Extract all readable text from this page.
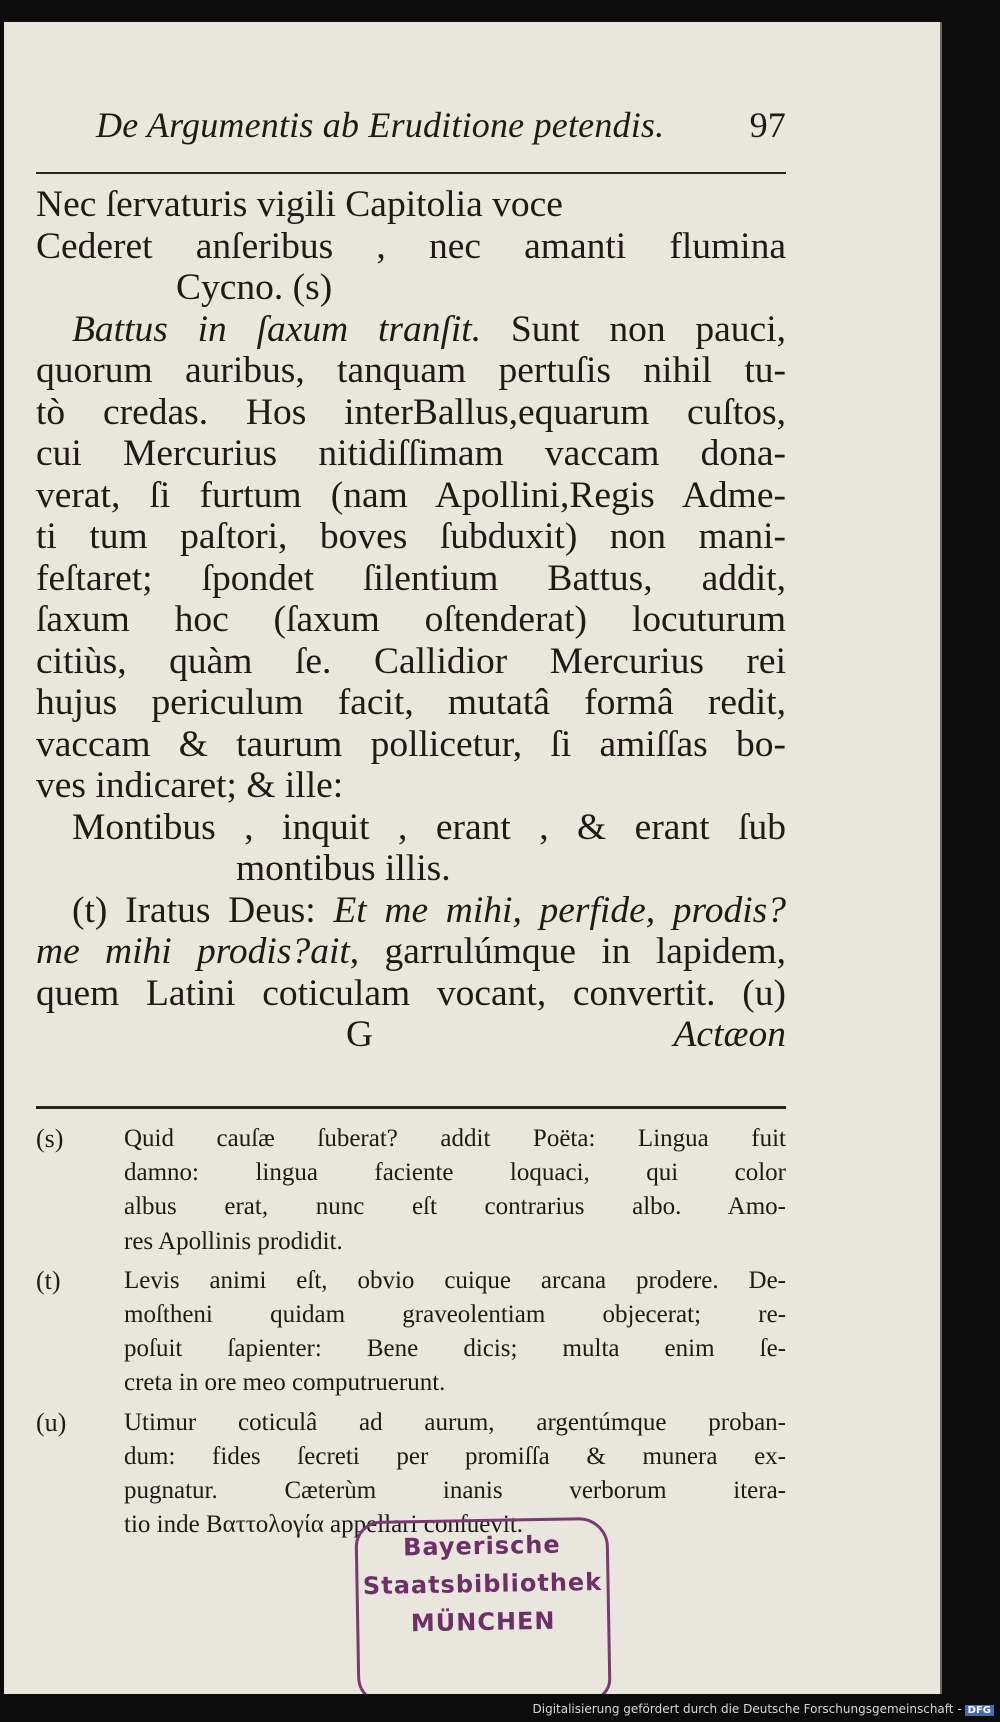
De Argumentis ab Eruditione petendis. 97
Nec ſervaturis vigili Capitolia voce
Cederet anſeribus , nec amanti flumina
Cycno. (s)
Battus in ſaxum tranſit. Sunt non pauci,
quorum auribus, tanquam pertuſis nihil tu-
tò credas. Hos interBallus,equarum cuſtos,
cui Mercurius nitidiſſimam vaccam dona-
verat, ſi furtum (nam Apollini,Regis Adme-
ti tum paſtori, boves ſubduxit) non mani-
feſtaret; ſpondet ſilentium Battus, addit,
ſaxum hoc (ſaxum oſtenderat) locuturum
citiùs, quàm ſe. Callidior Mercurius rei
hujus periculum facit, mutatâ formâ redit,
vaccam & taurum pollicetur, ſi amiſſas bo-
ves indicaret; & ille:
Montibus , inquit , erant , & erant ſub
montibus illis.
(t) Iratus Deus: Et me mihi, perfide, prodis?
me mihi prodis?ait, garrulúmque in lapidem,
quem Latini coticulam vocant, convertit. (u)
G	Actæon
(s) Quid cauſæ ſuberat? addit Poëta: Lingua fuit
damno: lingua faciente loquaci, qui color
albus erat, nunc eſt contrarius albo. Amo-
res Apollinis prodidit.
(t)	Levis animi eſt, obvio cuique arcana prodere. De-
moſtheni quidam graveolentiam objecerat; re-
poſuit ſapienter: Bene dicis; multa enim ſe-
creta in ore meo computruerunt.
(u) Utimur coticulâ ad aurum, argentúmque proban-
dum: fides ſecreti per promiſſa & munera ex-
pugnatur. Cæterùm inanis verborum itera-
tio inde Βαττολογία appellari conſuevit.
Bayerische
Staatsbibliothek
MÜNCHEN
Digitalisierung gefördert durch die Deutsche Forschungsgemeinschaft - DFG
